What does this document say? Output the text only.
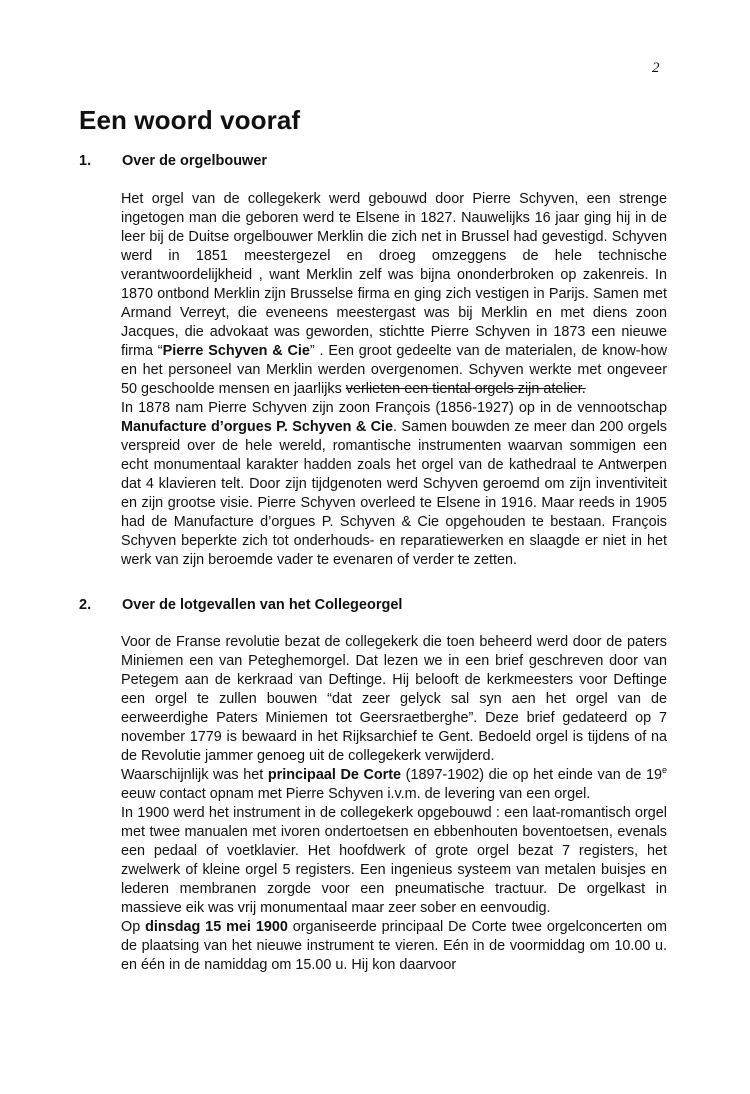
2
Een woord vooraf
1.	Over de orgelbouwer

Het orgel van de collegekerk werd gebouwd door Pierre Schyven, een strenge ingetogen man die geboren werd te Elsene in 1827. Nauwelijks 16 jaar ging hij in de leer bij de Duitse orgelbouwer Merklin die zich net in Brussel had gevestigd. Schyven werd in 1851 meestergezel en droeg omzeggens de hele technische verantwoordelijkheid , want Merklin zelf was bijna ononderbroken op zakenreis. In 1870 ontbond Merklin zijn Brusselse firma en ging zich vestigen in Parijs. Samen met Armand Verreyt, die eveneens meestergast was bij Merklin en met diens zoon Jacques, die advokaat was geworden, stichtte Pierre Schyven in 1873 een nieuwe firma “Pierre Schyven & Cie” . Een groot gedeelte van de materialen, de know-how en het personeel van Merklin werden overgenomen. Schyven werkte met ongeveer 50 geschoolde mensen en jaarlijks verlieten een tiental orgels zijn atelier.

In 1878 nam Pierre Schyven zijn zoon François (1856-1927) op in de vennootschap Manufacture d’orgues P. Schyven & Cie. Samen bouwden ze meer dan 200 orgels verspreid over de hele wereld, romantische instrumenten waarvan sommigen een echt monumentaal karakter hadden zoals het orgel van de kathedraal te Antwerpen dat 4 klavieren telt. Door zijn tijdgenoten werd Schyven geroemd om zijn inventiviteit en zijn grootse visie. Pierre Schyven overleed te Elsene in 1916. Maar reeds in 1905 had de Manufacture d’orgues P. Schyven & Cie opgehouden te bestaan. François Schyven beperkte zich tot onderhouds- en reparatiewerken en slaagde er niet in het werk van zijn beroemde vader te evenaren of verder te zetten.

2.	Over de lotgevallen van het Collegeorgel

Voor de Franse revolutie bezat de collegekerk die toen beheerd werd door de paters Miniemen een van Peteghemorgel. Dat lezen we in een brief geschreven door van Petegem aan de kerkraad van Deftinge. Hij belooft de kerkmeesters voor Deftinge een orgel te zullen bouwen “dat zeer gelyck sal syn aen het orgel van de eerweerdighe Paters Miniemen tot Geersraetberghe”. Deze brief gedateerd op 7 november 1779 is bewaard in het Rijksarchief te Gent. Bedoeld orgel is tijdens of na de Revolutie jammer genoeg uit de collegekerk verwijderd.

Waarschijnlijk was het principaal De Corte (1897-1902) die op het einde van de 19e eeuw contact opnam met Pierre Schyven i.v.m. de levering van een orgel.

In 1900 werd het instrument in de collegekerk opgebouwd : een laat-romantisch orgel met twee manualen met ivoren ondertoetsen en ebbenhouten boventoetsen, evenals een pedaal of voetklavier. Het hoofdwerk of grote orgel bezat 7 registers, het zwelwerk of kleine orgel 5 registers. Een ingenieus systeem van metalen buisjes en lederen membranen zorgde voor een pneumatische tractuur. De orgelkast in massieve eik was vrij monumentaal maar zeer sober en eenvoudig.

Op dinsdag 15 mei 1900 organiseerde principaal De Corte twee orgelconcerten om de plaatsing van het nieuwe instrument te vieren. Eén in de voormiddag om 10.00 u. en één in de namiddag om 15.00 u. Hij kon daarvoor
